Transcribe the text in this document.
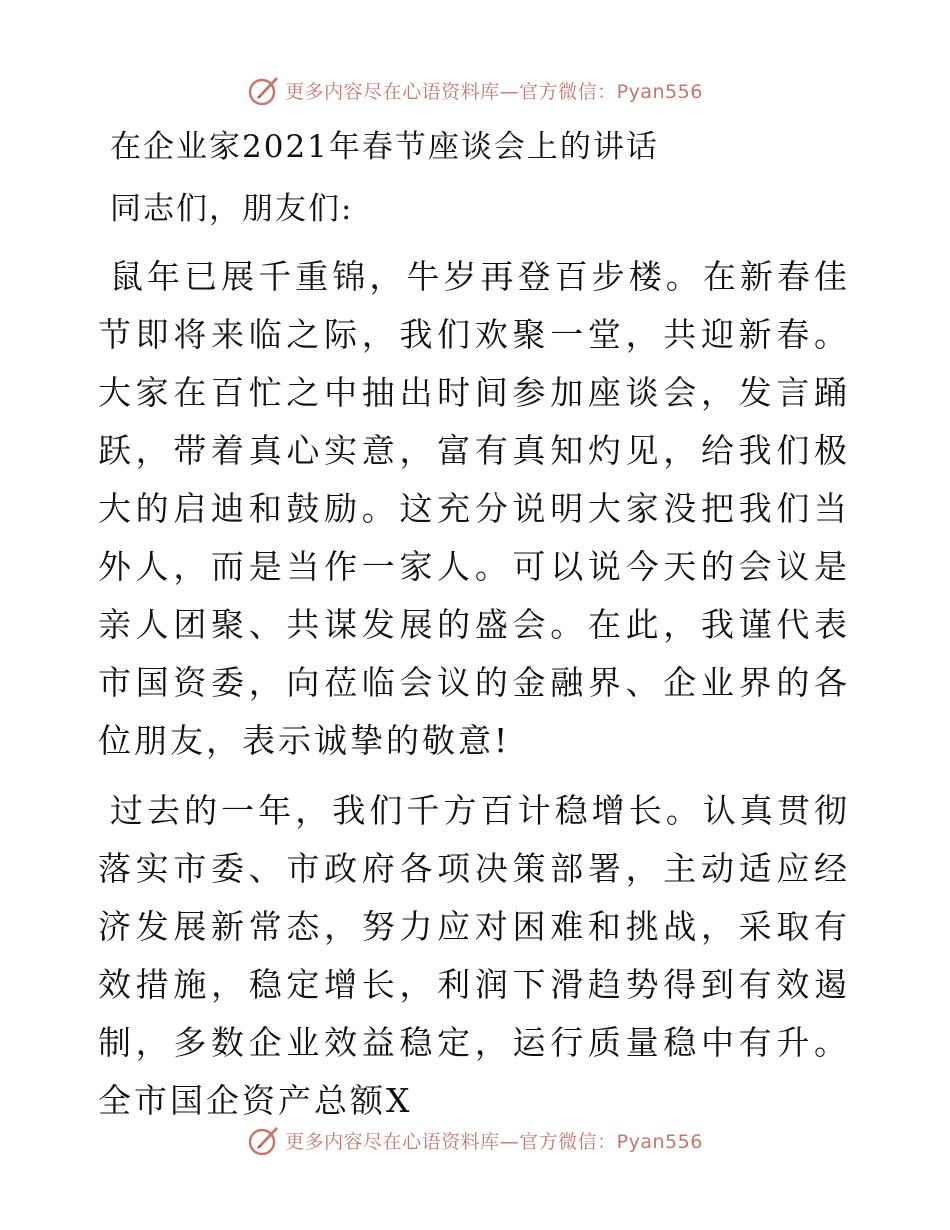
更多内容尽在心语资料库—官方微信：Pyan556
在企业家2021年春节座谈会上的讲话

同志们，朋友们:

鼠年已展千重锦，牛岁再登百步楼。在新春佳节即将来临之际，我们欢聚一堂，共迎新春。大家在百忙之中抽出时间参加座谈会，发言踊跃，带着真心实意，富有真知灼见，给我们极大的启迪和鼓励。这充分说明大家没把我们当外人，而是当作一家人。可以说今天的会议是亲人团聚、共谋发展的盛会。在此，我谨代表市国资委，向莅临会议的金融界、企业界的各位朋友，表示诚挚的敬意!

过去的一年，我们千方百计稳增长。认真贯彻落实市委、市政府各项决策部署，主动适应经济发展新常态，努力应对困难和挑战，采取有效措施，稳定增长，利润下滑趋势得到有效遏制，多数企业效益稳定，运行质量稳中有升。全市国企资产总额X

更多内容尽在心语资料库—官方微信：Pyan556
